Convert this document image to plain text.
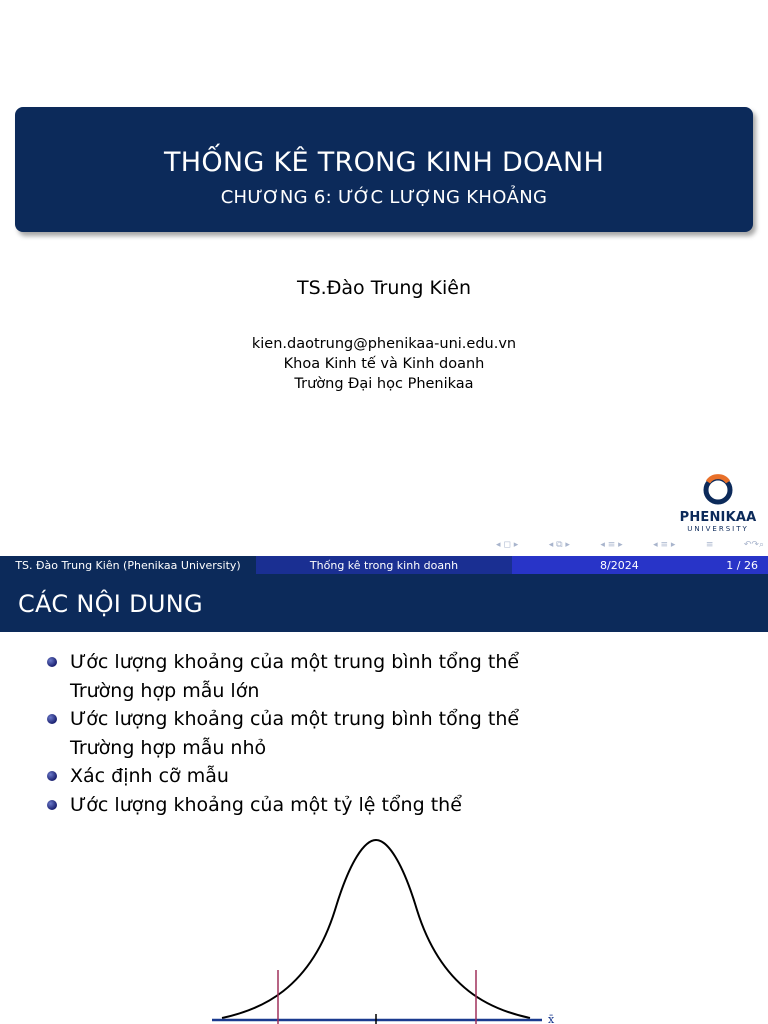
THỐNG KÊ TRONG KINH DOANH
CHƯƠNG 6: ƯỚC LƯỢNG KHOẢNG
TS.Đào Trung Kiên
kien.daotrung@phenikaa-uni.edu.vn
Khoa Kinh tế và Kinh doanh
Trường Đại học Phenikaa
PHENIKAA
UNIVERSITY
◂ ◻ ▸	◂ ⧉ ▸	◂ ≡ ▸	◂ ≡ ▸	≡	↶↷⌕
TS. Đào Trung Kiên (Phenikaa University)	Thống kê trong kinh doanh	8/2024	1 / 26
CÁC NỘI DUNG
Ước lượng khoảng của một trung bình tổng thể
Trường hợp mẫu lớn
Ước lượng khoảng của một trung bình tổng thể
Trường hợp mẫu nhỏ
Xác định cỡ mẫu
Ước lượng khoảng của một tỷ lệ tổng thể
x̄
